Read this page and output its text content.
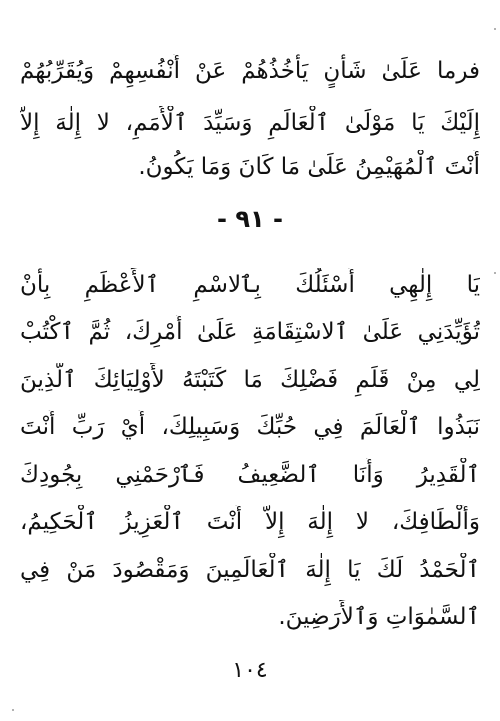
فرما عَلَىٰ شَأْنٍ يَأْخُذُهُمْ عَنْ أَنْفُسِهِمْ وَيُقَرِّبُهُمْ
إِلَيْكَ يَا مَوْلَىٰ ٱلْعَالَمِ وَسَيِّدَ ٱلْأُمَمِ، لا إِلٰهَ إِلاَّ
أَنْتَ ٱلْمُهَيْمِنُ عَلَىٰ مَا كَانَ وَمَا يَكُونُ.
- ٩١ -
يَا إِلٰهِي أَسْئَلُكَ بِٱلاسْمِ ٱلأَعْظَمِ بِأَنْ
تُؤَيِّدَنِي عَلَىٰ ٱلاسْتِقَامَةِ عَلَىٰ أَمْرِكَ، ثُمَّ ٱكْتُبْ
لِي مِنْ قَلَمِ فَضْلِكَ مَا كَتَبْتَهُ لأَوْلِيَائِكَ ٱلَّذِينَ
نَبَذُوا ٱلْعَالَمَ فِي حُبِّكَ وَسَبِيلِكَ، أَيْ رَبِّ أَنْتَ
ٱلْقَدِيرُ وَأَنَا ٱلضَّعِيفُ فَٱرْحَمْنِي بِجُودِكَ
وَأَلْطَافِكَ، لا إِلٰهَ إِلاَّ أَنْتَ ٱلْعَزِيزُ ٱلْحَكِيمُ،
ٱلْحَمْدُ لَكَ يَا إِلٰهَ ٱلْعَالَمِينَ وَمَقْصُودَ مَنْ فِي
ٱلسَّمٰوَاتِ وَٱلأَرَضِينَ.
١٠٤
